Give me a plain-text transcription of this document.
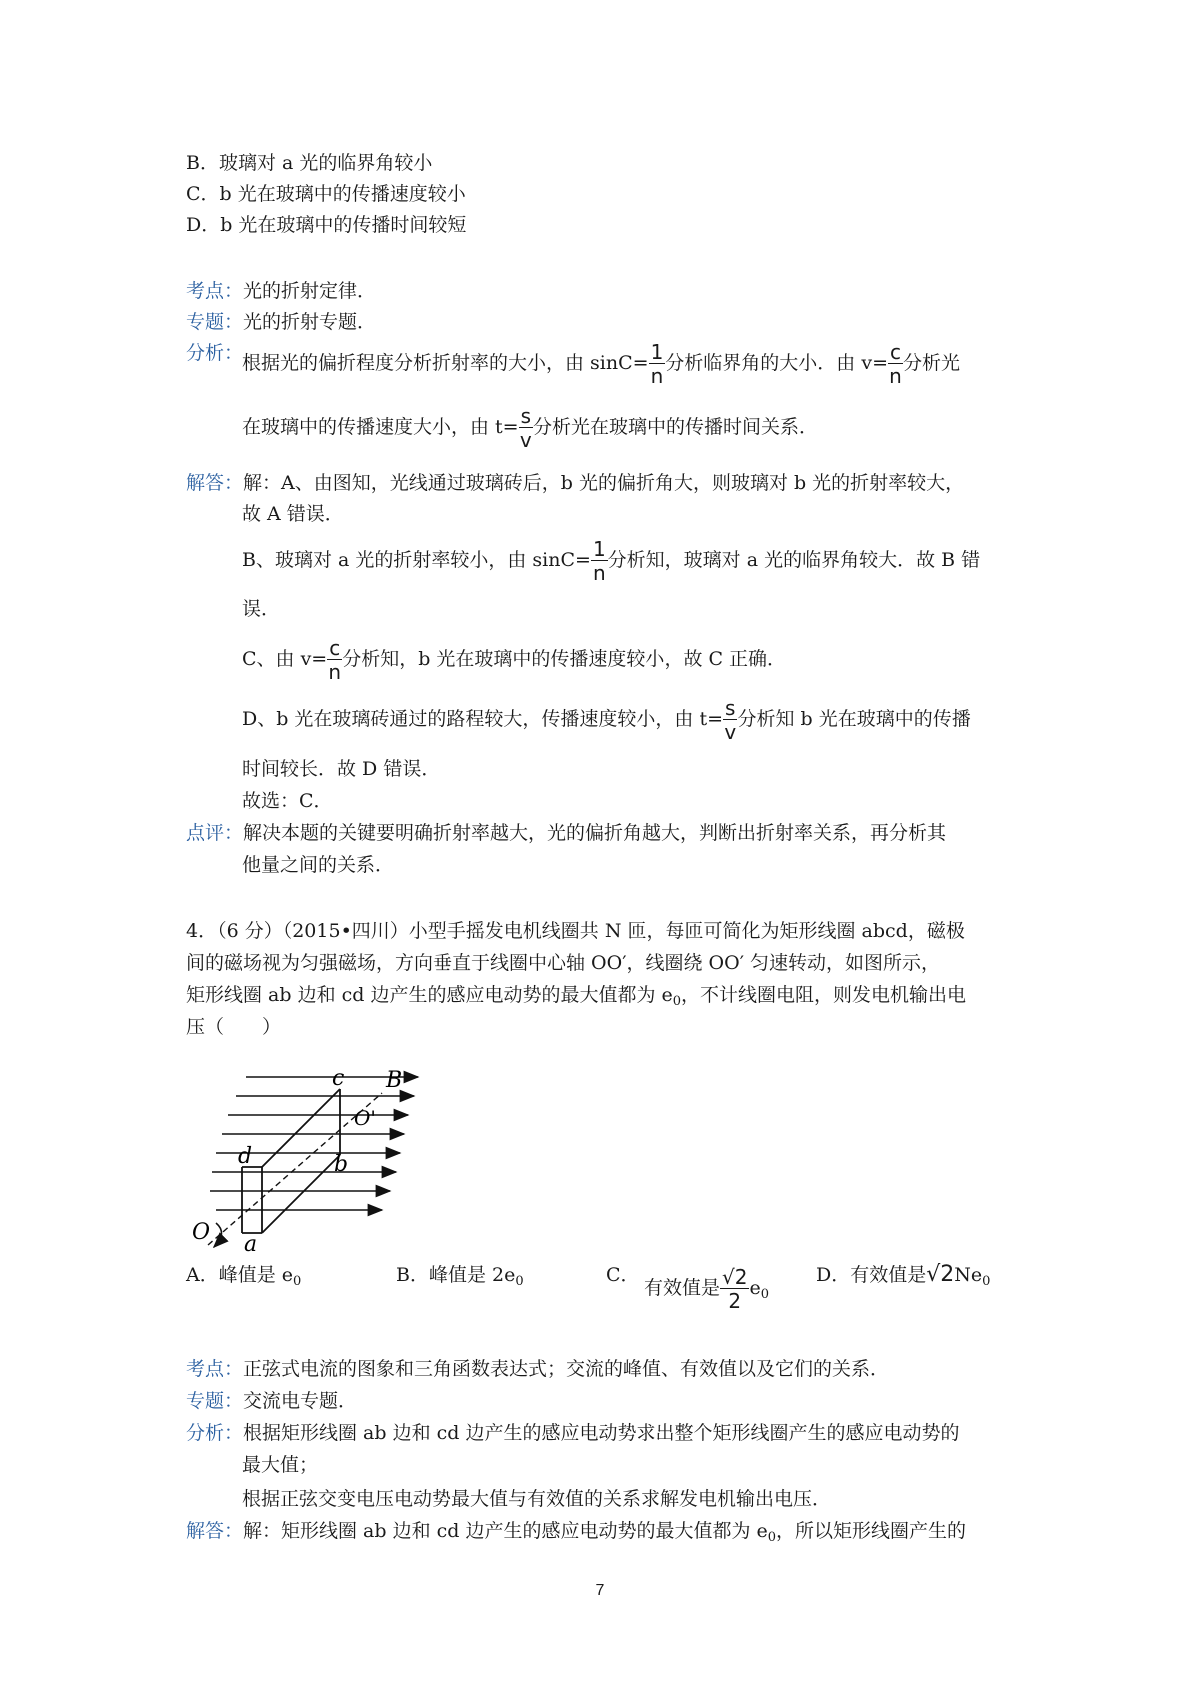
B．玻璃对 a 光的临界角较小
C．b 光在玻璃中的传播速度较小
D．b 光在玻璃中的传播时间较短
考点：光的折射定律．
专题：光的折射专题．
分析：
根据光的偏折程度分析折射率的大小，由 $\sin C= \frac{1}{n}$ 分析临界角的大小．由 $v= \frac{c}{n}$ 分析光
在玻璃中的传播速度大小，由 $t= \frac{s}{v}$ 分析光在玻璃中的传播时间关系．
解答：解：A、由图知，光线通过玻璃砖后，b 光的偏折角大，则玻璃对 b 光的折射率较大，
故 A 错误．
B、玻璃对 a 光的折射率较小，由 $\sin C= \frac{1}{n}$ 分析知，玻璃对 a 光的临界角较大．故 B 错
误．
C、由 $v= \frac{c}{n}$ 分析知，b 光在玻璃中的传播速度较小，故 C 正确．
D、b 光在玻璃砖通过的路程较大，传播速度较小，由 $t= \frac{s}{v}$ 分析知 b 光在玻璃中的传播
时间较长．故 D 错误．
故选：C．
点评：解决本题的关键要明确折射率越大，光的偏折角越大，判断出折射率关系，再分析其
他量之间的关系．
4．（6 分）（2015•四川）小型手摇发电机线圈共 N 匝，每匝可简化为矩形线圈 abcd，磁极
间的磁场视为匀强磁场，方向垂直于线圈中心轴 OO′，线圈绕 OO′ 匀速转动，如图所示，
矩形线圈 ab 边和 cd 边产生的感应电动势的最大值都为 $e_0$，不计线圈电阻，则发电机输出电
压（　　）
c B
O'
d	b
O a
A．峰值是 $e_0$	B．峰值是 $2e_0$	C．
有效值是 $\frac{√2}{2} e_0$
D．有效值是$√2Ne_0$
考点：正弦式电流的图象和三角函数表达式；交流的峰值、有效值以及它们的关系．
专题：交流电专题．
分析：根据矩形线圈 ab 边和 cd 边产生的感应电动势求出整个矩形线圈产生的感应电动势的
最大值；
根据正弦交变电压电动势最大值与有效值的关系求解发电机输出电压．
解答：解：矩形线圈 ab 边和 cd 边产生的感应电动势的最大值都为 $e_0$，所以矩形线圈产生的
7
